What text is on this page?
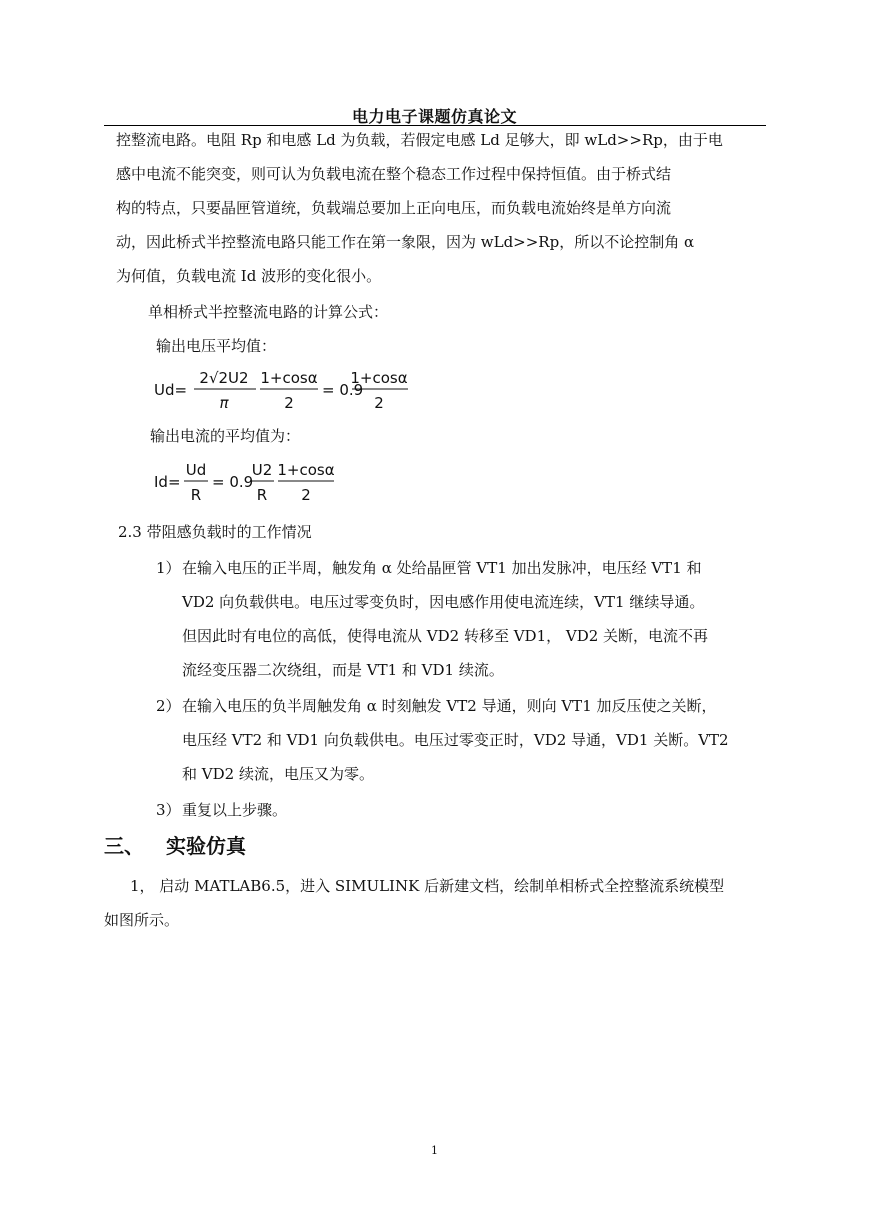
电力电子课题仿真论文
控整流电路。电阻 Rp 和电感 Ld 为负载，若假定电感 Ld 足够大，即 wLd>>Rp，由于电
感中电流不能突变，则可认为负载电流在整个稳态工作过程中保持恒值。由于桥式结
构的特点，只要晶匣管道统，负载端总要加上正向电压，而负载电流始终是单方向流
动，因此桥式半控整流电路只能工作在第一象限，因为 wLd>>Rp，所以不论控制角 α
为何值，负载电流 Id 波形的变化很小。
单相桥式半控整流电路的计算公式：
输出电压平均值：
Ud=
2√2U2
π
1+cosα
2
= 0.9
1+cosα
2
输出电流的平均值为：
Id=
Ud
R
= 0.9
U2
R
1+cosα
2
2.3 带阻感负载时的工作情况
1） 在输入电压的正半周，触发角 α 处给晶匣管 VT1 加出发脉冲，电压经 VT1 和
VD2 向负载供电。电压过零变负时，因电感作用使电流连续，VT1 继续导通。
但因此时有电位的高低，使得电流从 VD2 转移至 VD1， VD2 关断，电流不再
流经变压器二次绕组，而是 VT1 和 VD1 续流。
2） 在输入电压的负半周触发角 α 时刻触发 VT2 导通，则向 VT1 加反压使之关断，
电压经 VT2 和 VD1 向负载供电。电压过零变正时，VD2 导通，VD1 关断。VT2
和 VD2 续流，电压又为零。
3） 重复以上步骤。
三、 实验仿真
1， 启动 MATLAB6.5，进入 SIMULINK 后新建文档，绘制单相桥式全控整流系统模型
如图所示。
1
